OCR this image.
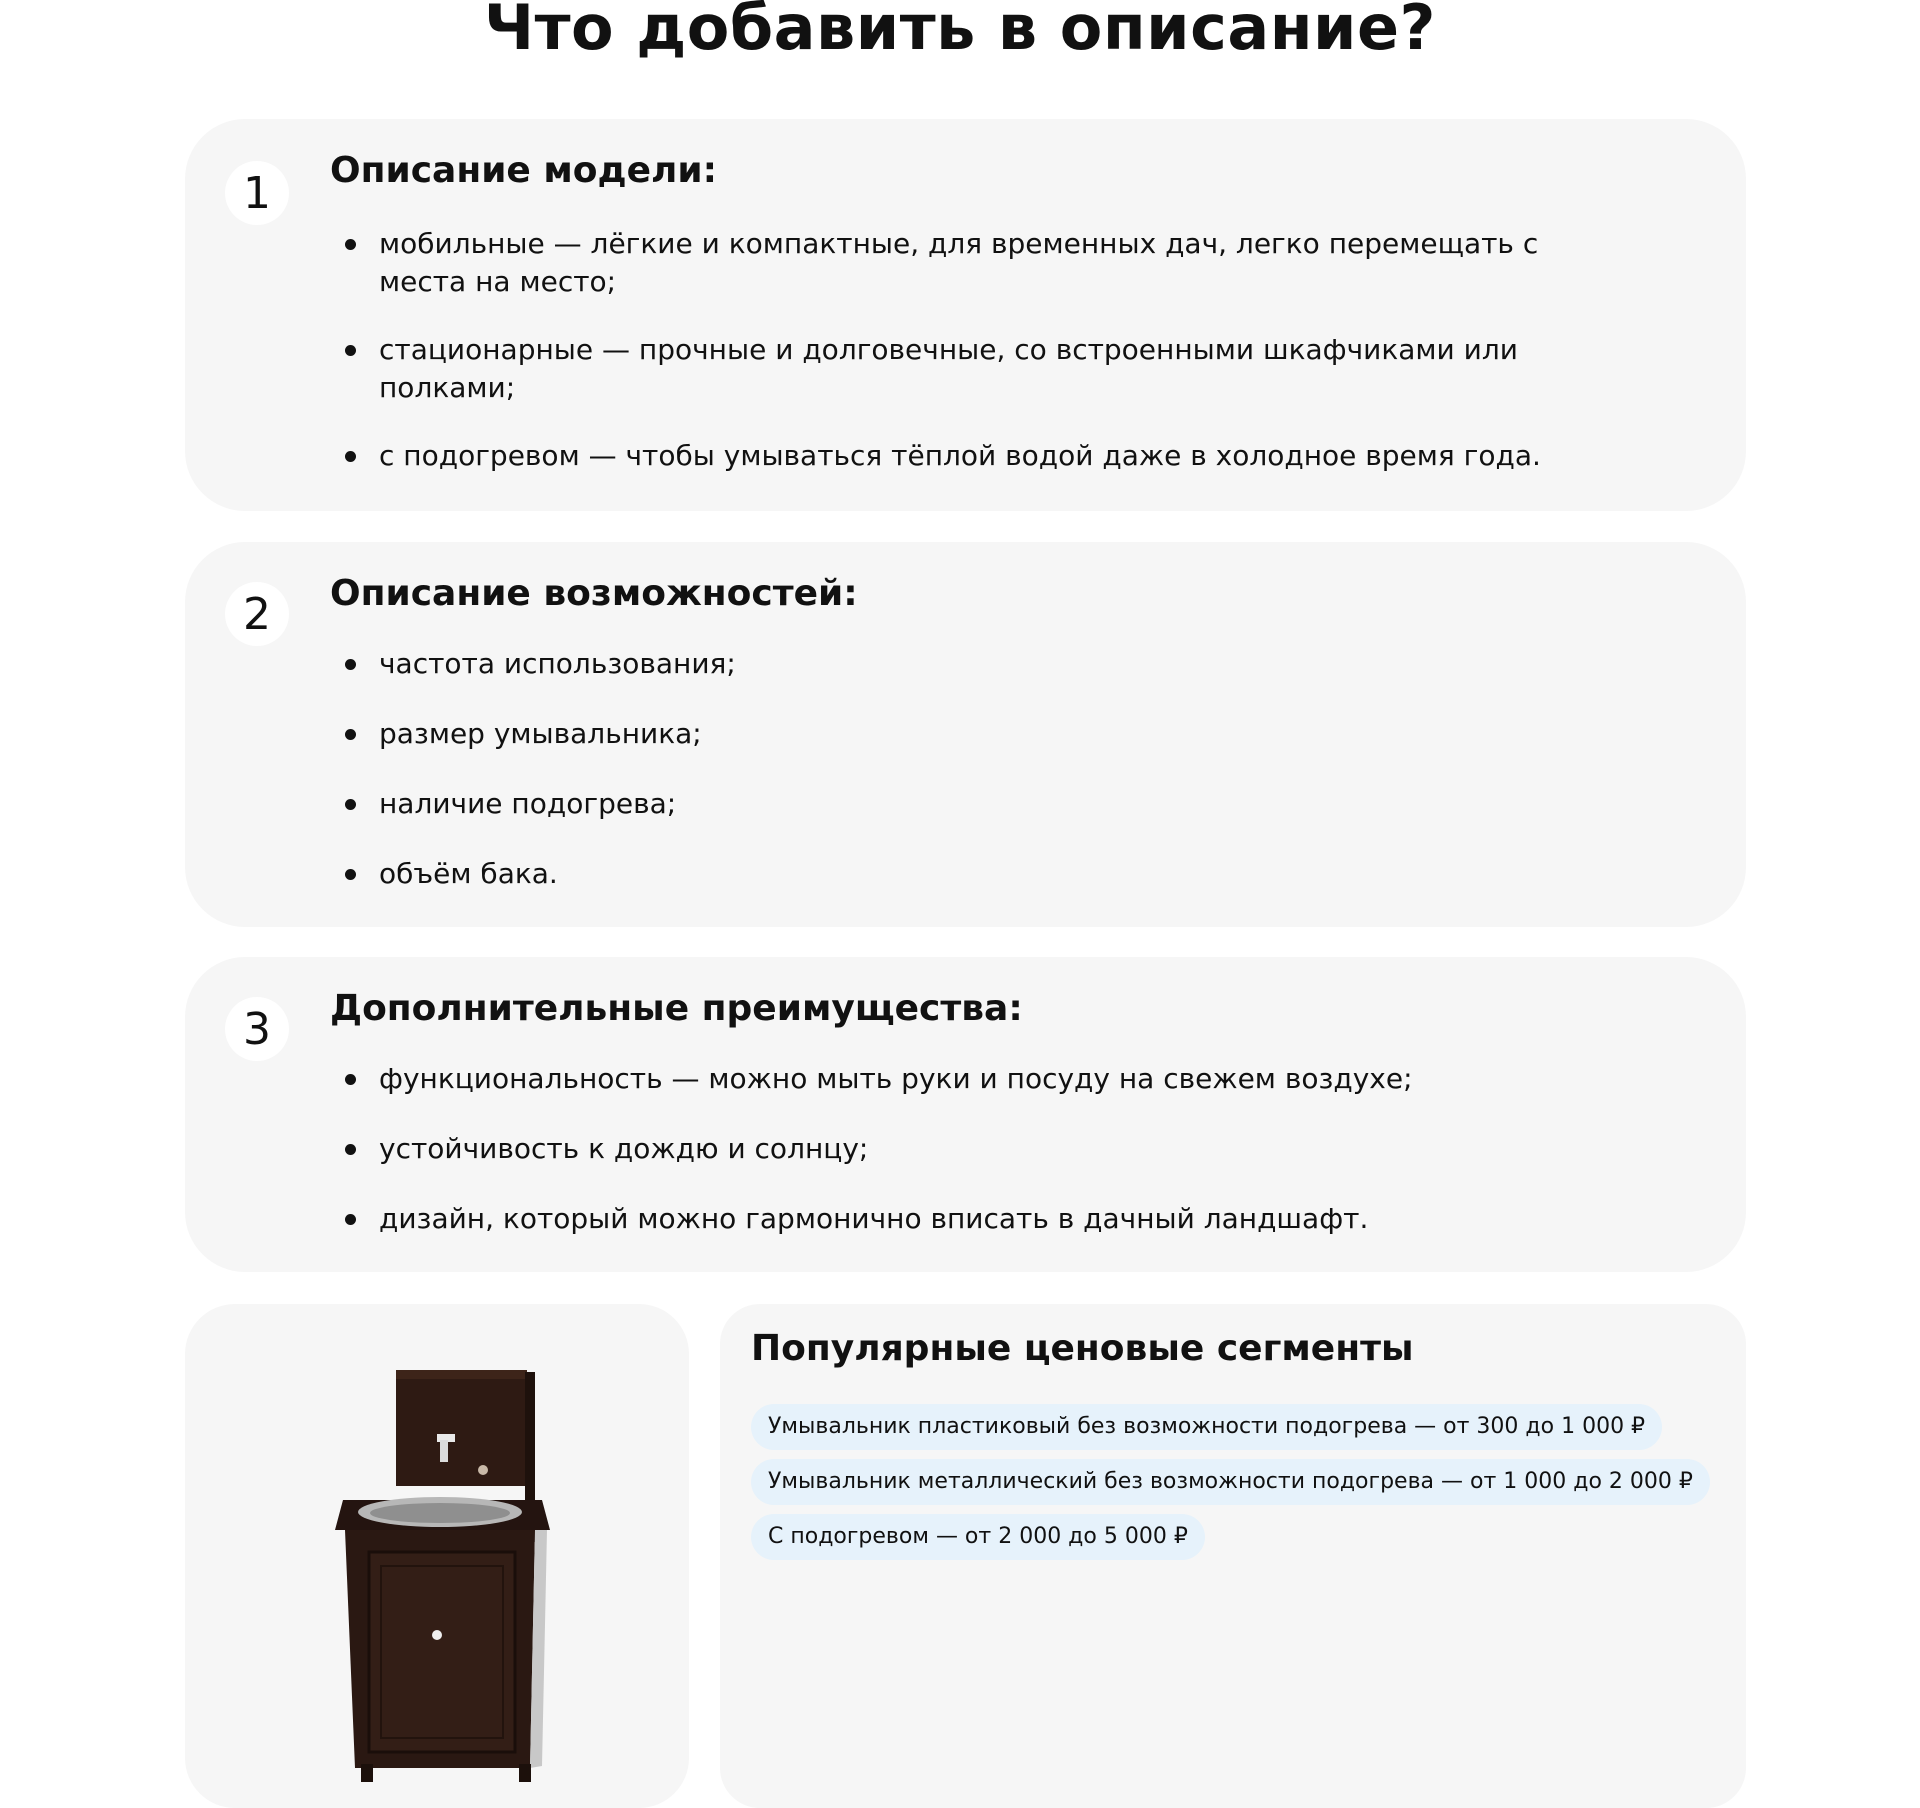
Что добавить в описание?
1	Описание модели:
мобильные — лёгкие и компактные, для временных дач, легко перемещать с места на место;
стационарные — прочные и долговечные, со встроенными шкафчиками или полками;
с подогревом — чтобы умываться тёплой водой даже в холодное время года.
2	Описание возможностей:
частота использования;
размер умывальника;
наличие подогрева;
объём бака.
3	Дополнительные преимущества:
функциональность — можно мыть руки и посуду на свежем воздухе;
устойчивость к дождю и солнцу;
дизайн, который можно гармонично вписать в дачный ландшафт.
Популярные ценовые сегменты
Умывальник пластиковый без возможности подогрева — от 300 до 1 000 ₽
Умывальник металлический без возможности подогрева — от 1 000 до 2 000 ₽
С подогревом — от 2 000 до 5 000 ₽
